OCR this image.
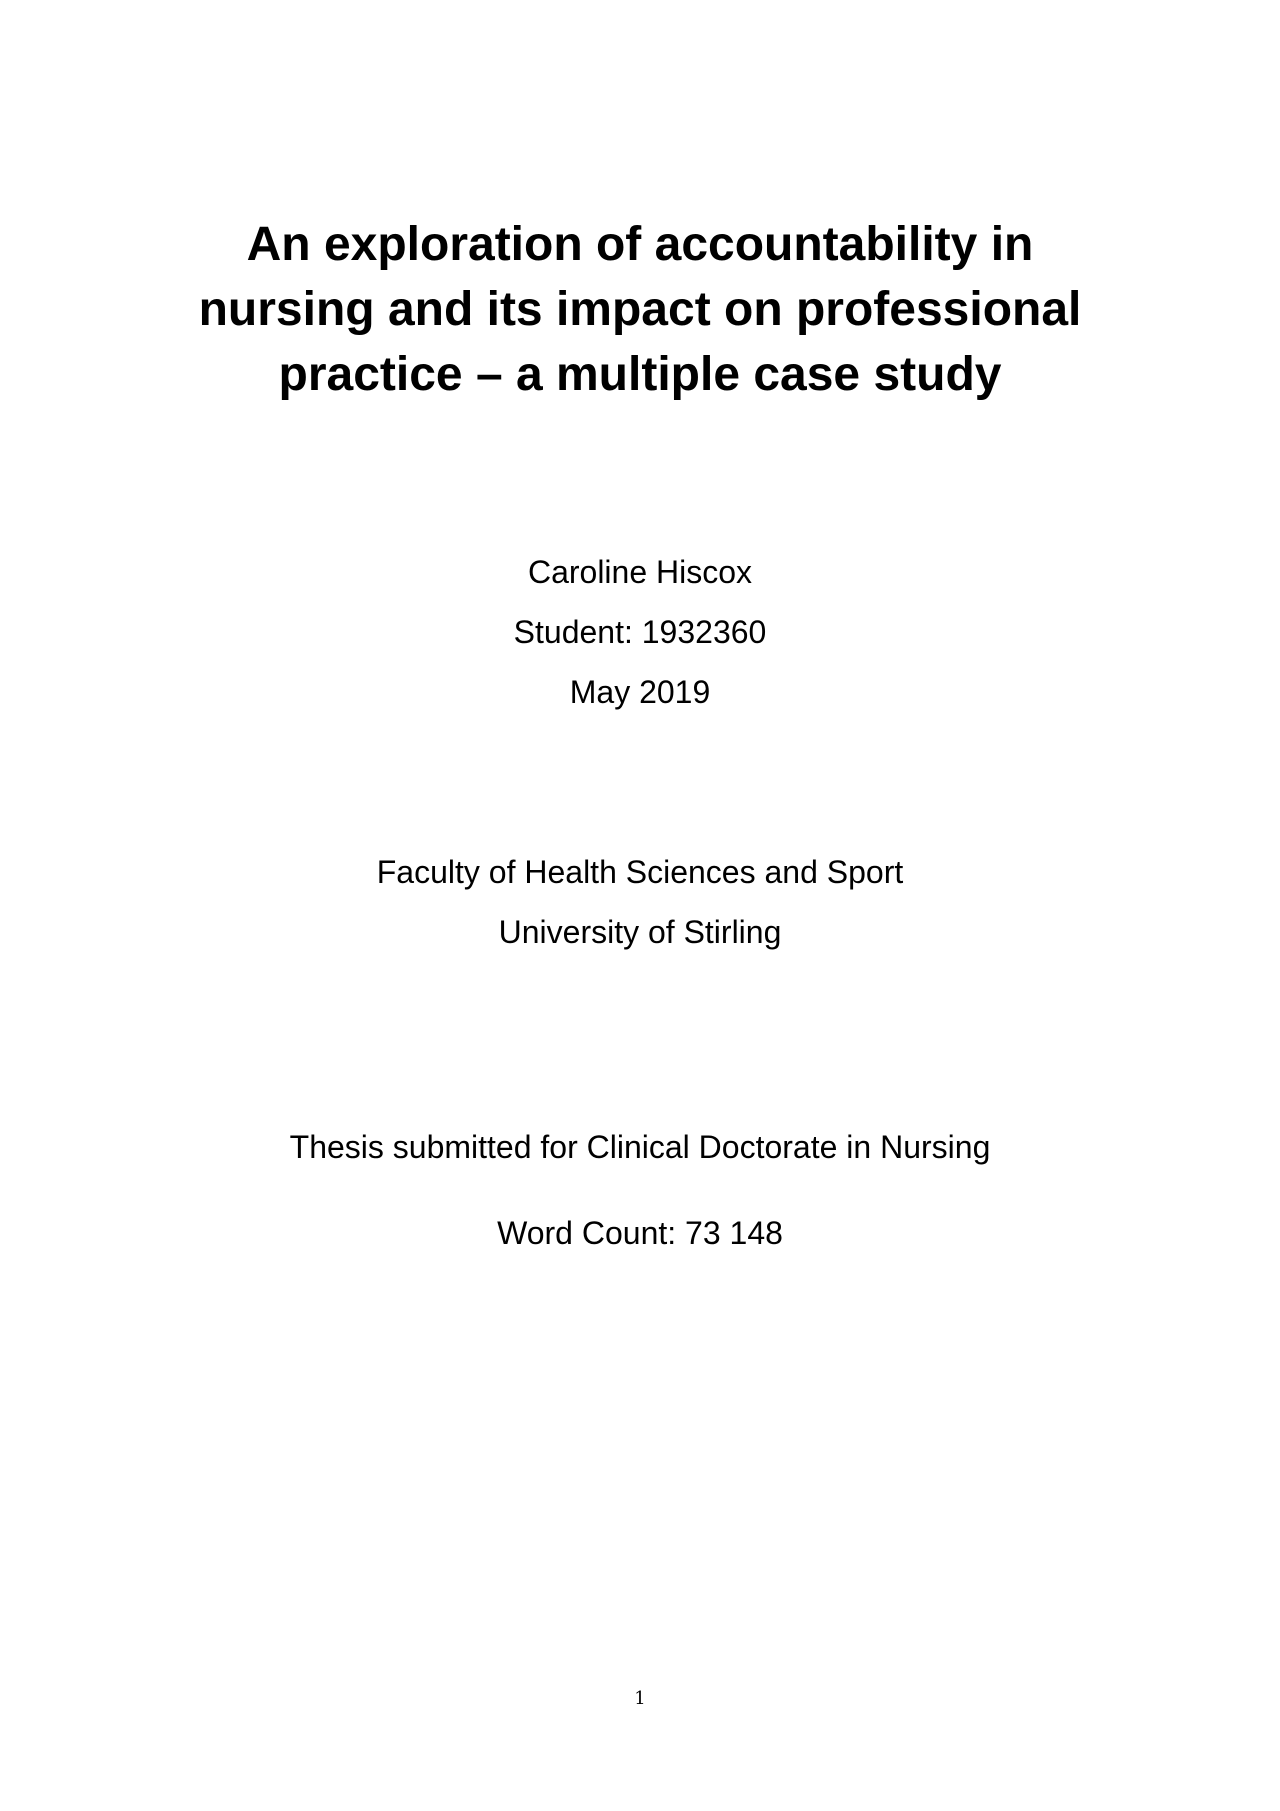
An exploration of accountability in
nursing and its impact on professional
practice – a multiple case study

Caroline Hiscox

Student: 1932360

May 2019

Faculty of Health Sciences and Sport

University of Stirling

Thesis submitted for Clinical Doctorate in Nursing

Word Count: 73 148

1
